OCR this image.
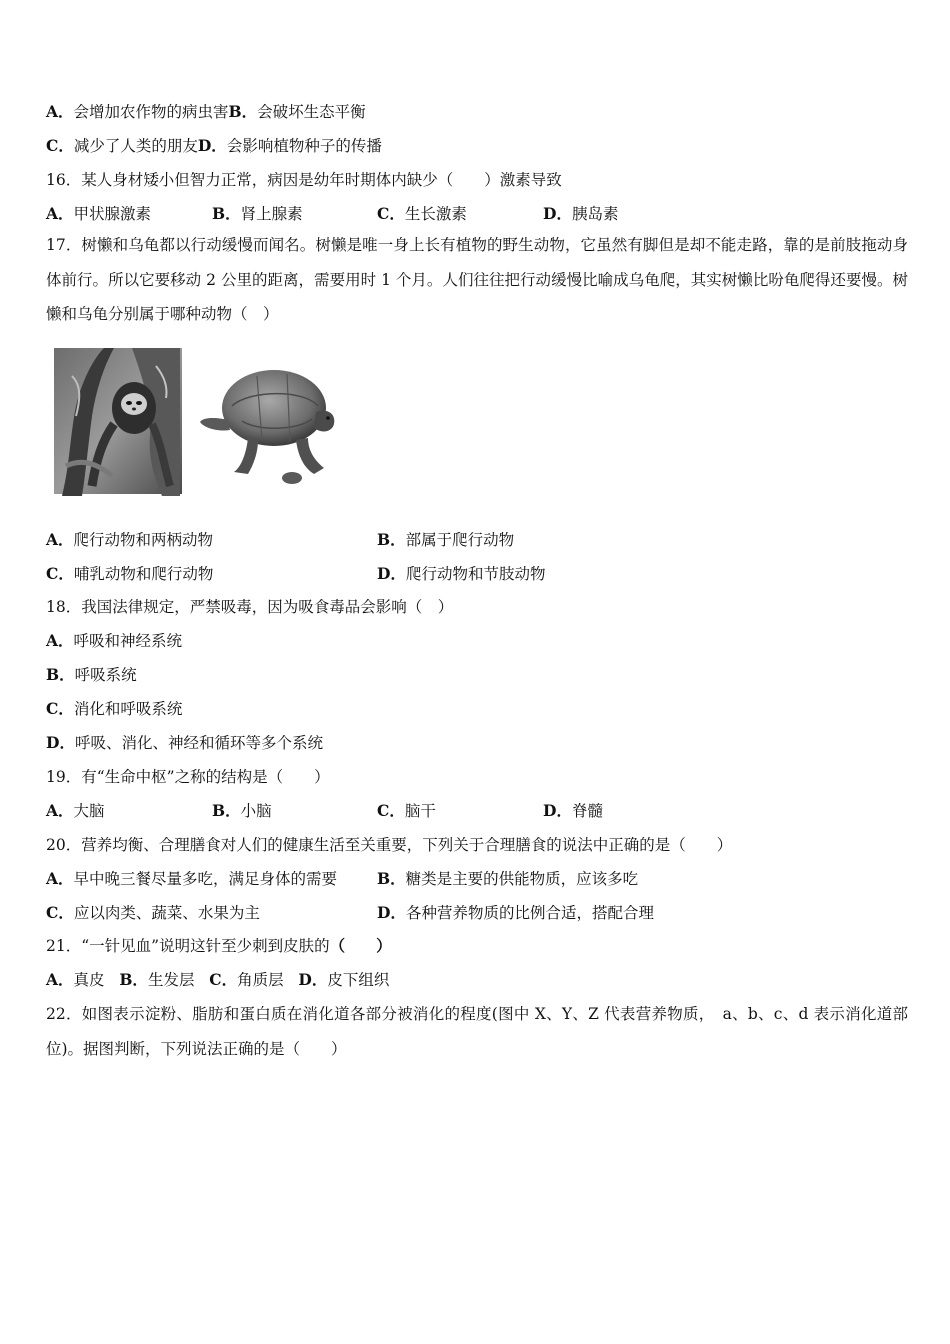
A．会增加农作物的病虫害B．会破坏生态平衡
C．减少了人类的朋友D．会影响植物种子的传播
16．某人身材矮小但智力正常，病因是幼年时期体内缺少（　　）激素导致
A．甲状腺激素	B．肾上腺素	C．生长激素	D．胰岛素
17．树懒和乌龟都以行动缓慢而闻名。树懒是唯一身上长有植物的野生动物，它虽然有脚但是却不能走路，靠的是前肢拖动身体前行。所以它要移动 2 公里的距离，需要用时 1 个月。人们往往把行动缓慢比喻成乌龟爬，其实树懒比吩龟爬得还要慢。树懒和乌龟分别属于哪种动物（　）
A．爬行动物和两柄动物	B．部属于爬行动物
C．哺乳动物和爬行动物	D．爬行动物和节肢动物
18．我国法律规定，严禁吸毒，因为吸食毒品会影响（　）
A．呼吸和神经系统
B．呼吸系统
C．消化和呼吸系统
D．呼吸、消化、神经和循环等多个系统
19．有“生命中枢”之称的结构是（　　）
A．大脑	B．小脑	C．脑干	D．脊髓
20．营养均衡、合理膳食对人们的健康生活至关重要，下列关于合理膳食的说法中正确的是（　　）
A．早中晚三餐尽量多吃，满足身体的需要	B．糖类是主要的供能物质，应该多吃
C．应以肉类、蔬菜、水果为主	D．各种营养物质的比例合适，搭配合理
21．“一针见血”说明这针至少刺到皮肤的（　　）
A．真皮 B．生发层 C．角质层 D．皮下组织
22．如图表示淀粉、脂肪和蛋白质在消化道各部分被消化的程度(图中 X、Y、Z 代表营养物质，　a、b、c、d 表示消化道部位)。据图判断，下列说法正确的是（　　）
